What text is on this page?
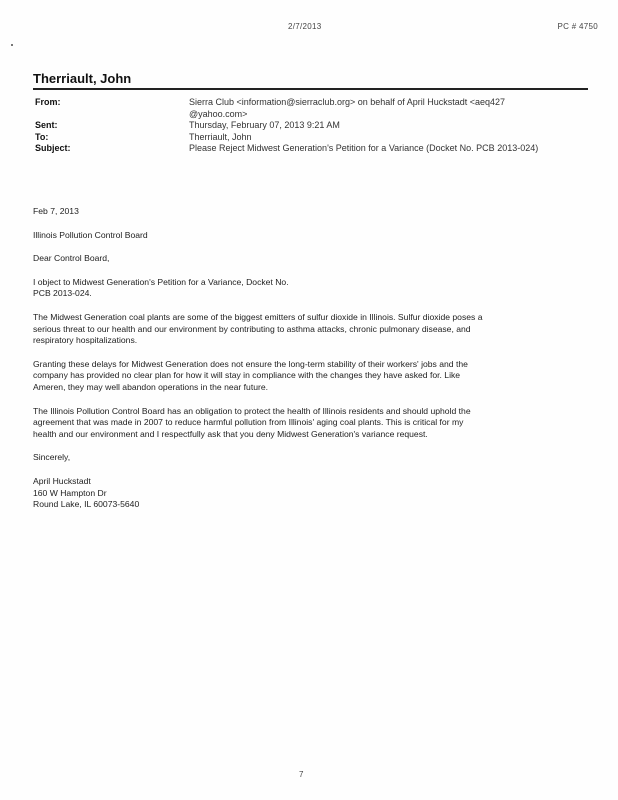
2/7/2013	PC # 4750
Therriault, John
From:	Sierra Club <information@sierraclub.org> on behalf of April Huckstadt <aeq427
@yahoo.com>
Sent:	Thursday, February 07, 2013 9:21 AM
To:	Therriault, John
Subject:	Please Reject Midwest Generation's Petition for a Variance (Docket No. PCB 2013-024)

Feb 7, 2013

Illinois Pollution Control Board

Dear Control Board,

I object to Midwest Generation's Petition for a Variance, Docket No.
PCB 2013-024.

The Midwest Generation coal plants are some of the biggest emitters of sulfur dioxide in Illinois. Sulfur dioxide poses a
serious threat to our health and our environment by contributing to asthma attacks, chronic pulmonary disease, and
respiratory hospitalizations.

Granting these delays for Midwest Generation does not ensure the long-term stability of their workers' jobs and the
company has provided no clear plan for how it will stay in compliance with the changes they have asked for. Like
Ameren, they may well abandon operations in the near future.

The Illinois Pollution Control Board has an obligation to protect the health of Illinois residents and should uphold the
agreement that was made in 2007 to reduce harmful pollution from Illinois' aging coal plants. This is critical for my
health and our environment and I respectfully ask that you deny Midwest Generation's variance request.

Sincerely,

April Huckstadt
160 W Hampton Dr
Round Lake, IL 60073-5640

7
